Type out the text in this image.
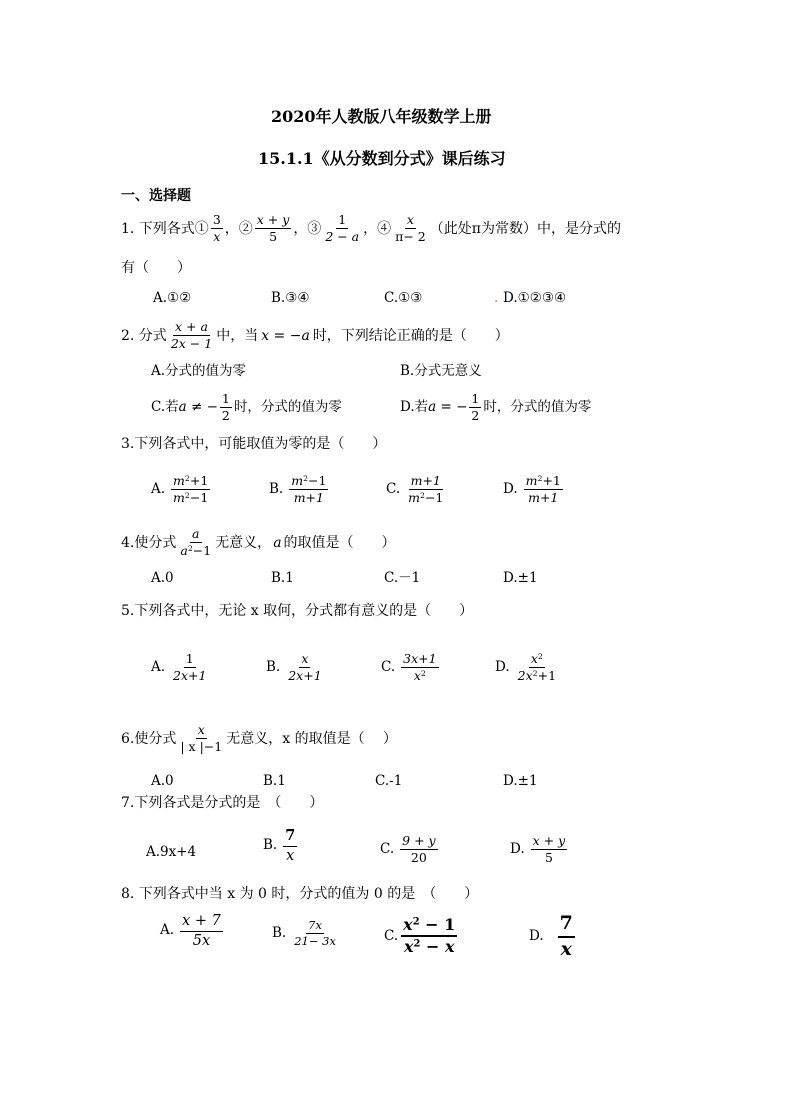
2020年人教版八年级数学上册
15.1.1《从分数到分式》课后练习
一、选择题
1. 下列各式① $\frac{3}{x}$ ，② $\frac{x + y}{5}$ ，③ $\frac{1}{2 - a}$ ，④ $\frac{x}{\pi- 2}$ （此处π为常数）中，是分式的
有（　　）
A.①②	B.③④	C.①③	. D.①②③④
2. 分式 $\frac{x + a}{2x - 1}$ 中，当 x = −a 时，下列结论正确的是（　　）
A.分式的值为零	B.分式无意义
C.若 a ≠ − $\frac{1}{2}$ 时，分式的值为零	D.若 a = − $\frac{1}{2}$ 时，分式的值为零
3.下列各式中，可能取值为零的是（　　）
A. $\frac{m^2+1}{m^2-1}$	B. $\frac{m^2-1}{m+1}$	C. $\frac{m+1}{m^2-1}$	D. $\frac{m^2+1}{m+1}$
4.使分式 $\frac{a}{a^2-1}$ 无意义， a 的取值是（　　）
A.0	B.1	C.－1	D.±1
5.下列各式中，无论 x 取何，分式都有意义的是（　　）
A. $\frac{1}{2x+1}$	B. $\frac{x}{2x+1}$	C. $\frac{3x+1}{x^2}$	D. $\frac{x^2}{2x^2+1}$
6.使分式 $\frac{x}{| x |-1}$ 无意义，x 的取值是（　 ）
A.0	B.1	C.-1	D.±1
7.下列各式是分式的是　（　　）
A.9x+4	B. $\frac{7}{x}$	C. $\frac{9 + y}{20}$	D. $\frac{x + y}{5}$
8. 下列各式中当 x 为 0 时，分式的值为 0 的是　（　　）
A. $\frac{x + 7}{5x}$	B. $\frac{7x}{21- 3x}$	C. $\frac{x^2 - 1}{x^2 - x}$	D. $\frac{7}{x}$
